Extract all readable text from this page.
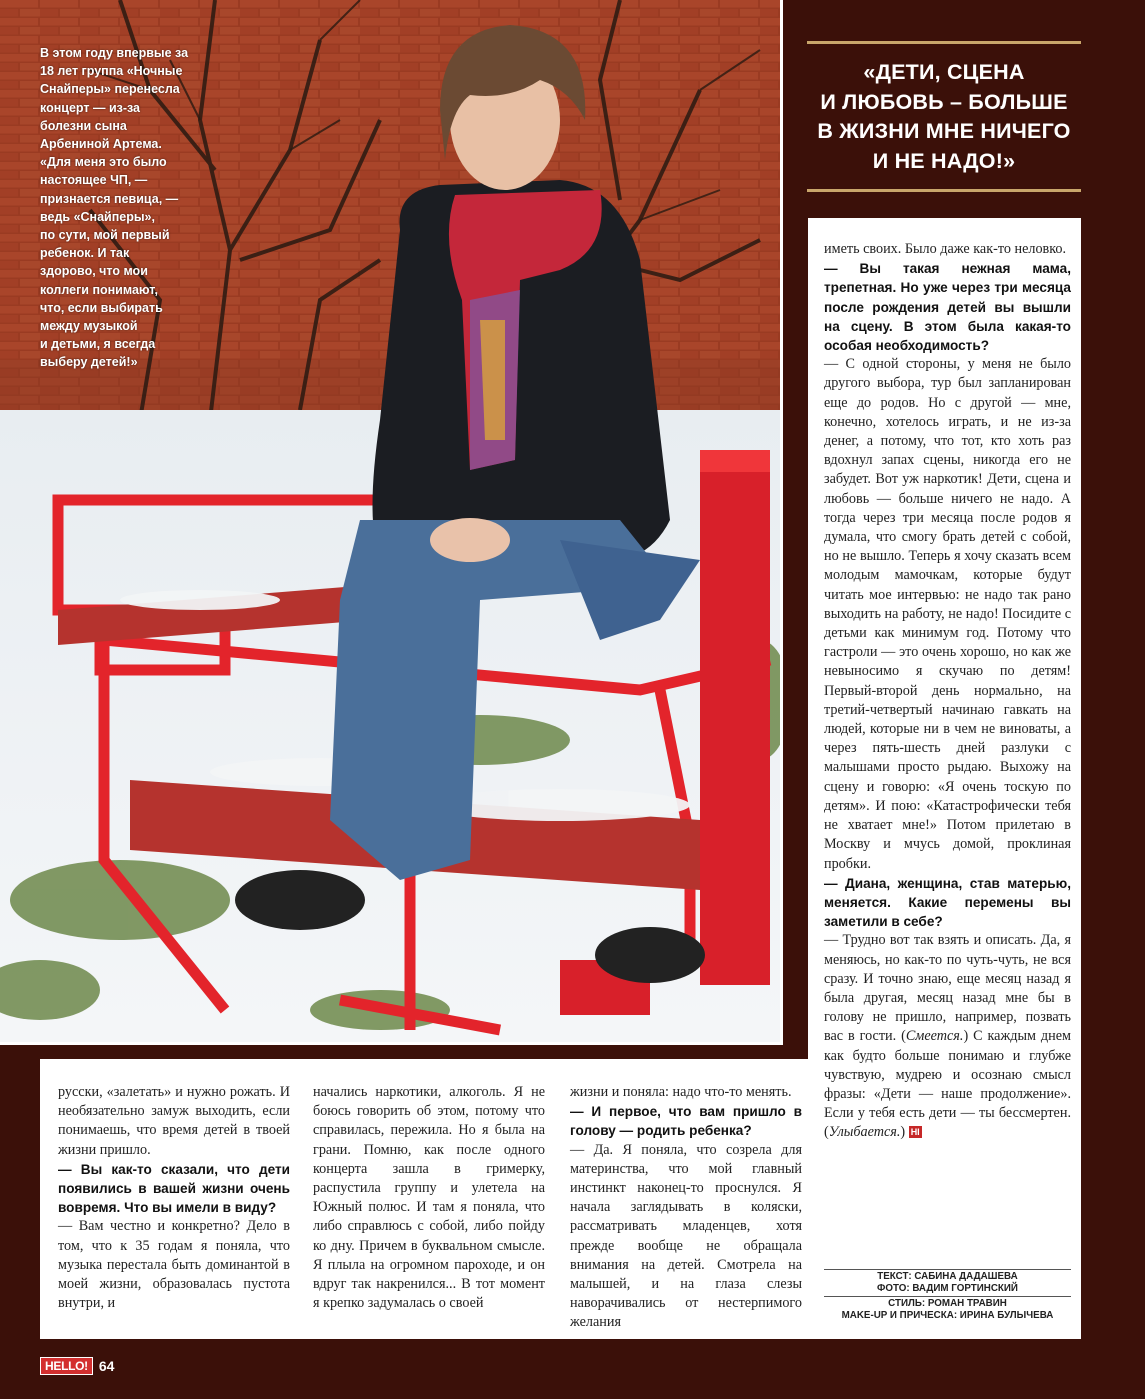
В этом году впервые за
18 лет группа «Ночные
Снайперы» перенесла
концерт — из-за
болезни сына
Арбениной Артема.
«Для меня это было
настоящее ЧП, —
признается певица, —
ведь «Снайперы»,
по сути, мой первый
ребенок. И так
здорово, что мои
коллеги понимают,
что, если выбирать
между музыкой
и детьми, я всегда
выберу детей!»
«ДЕТИ, СЦЕНА
И ЛЮБОВЬ – БОЛЬШЕ
В ЖИЗНИ МНЕ НИЧЕГО
И НЕ НАДО!»

иметь своих. Было даже как-то неловко.

— Вы такая нежная мама, трепетная. Но уже через три месяца после рождения детей вы вышли на сцену. В этом была какая-то особая необходимость?

— С одной стороны, у меня не было другого выбора, тур был запланирован еще до родов. Но с другой — мне, конечно, хотелось играть, и не из-за денег, а потому, что тот, кто хоть раз вдохнул запах сцены, никогда его не забудет. Вот уж наркотик! Дети, сцена и любовь — больше ничего не надо. А тогда через три месяца после родов я думала, что смогу брать детей с собой, но не вышло. Теперь я хочу сказать всем молодым мамочкам, которые будут читать мое интервью: не надо так рано выходить на работу, не надо! Посидите с детьми как минимум год. Потому что гастроли — это очень хорошо, но как же невыносимо я скучаю по детям! Первый-второй день нормально, на третий-четвертый начинаю гавкать на людей, которые ни в чем не виноваты, а через пять-шесть дней разлуки с малышами просто рыдаю. Выхожу на сцену и говорю: «Я очень тоскую по детям». И пою: «Катастрофически тебя не хватает мне!» Потом прилетаю в Москву и мчусь домой, проклиная пробки.

— Диана, женщина, став матерью, меняется. Какие перемены вы заметили в себе?

— Трудно вот так взять и описать. Да, я меняюсь, но как-то по чуть-чуть, не вся сразу. И точно знаю, еще месяц назад я была другая, месяц назад мне бы в голову не пришло, например, позвать вас в гости. (Смеется.) С каждым днем как будто больше понимаю и глубже чувствую, мудрею и осознаю смысл фразы: «Дети — наше продолжение». Если у тебя есть дети — ты бессмертен. (Улыбается.) HI

ТЕКСТ: САБИНА ДАДАШЕВА
ФОТО: ВАДИМ ГОРТИНСКИЙ
СТИЛЬ: РОМАН ТРАВИН
MAKE-UP И ПРИЧЕСКА: ИРИНА БУЛЫЧЕВА

русски, «залетать» и нужно рожать. И необязательно замуж выходить, если понимаешь, что время детей в твоей жизни пришло.

— Вы как-то сказали, что дети появились в вашей жизни очень вовремя. Что вы имели в виду?

— Вам честно и конкретно? Дело в том, что к 35 годам я поняла, что музыка перестала быть доминантой в моей жизни, образовалась пустота внутри, и

начались наркотики, алкоголь. Я не боюсь говорить об этом, потому что справилась, пережила. Но я была на грани. Помню, как после одного концерта зашла в гримерку, распустила группу и улетела на Южный полюс. И там я поняла, что либо справлюсь с собой, либо пойду ко дну. Причем в буквальном смысле. Я плыла на огромном пароходе, и он вдруг так накренился... В тот момент я крепко задумалась о своей

жизни и поняла: надо что-то менять.

— И первое, что вам пришло в голову — родить ребенка?

— Да. Я поняла, что созрела для материнства, что мой главный инстинкт наконец-то проснулся. Я начала заглядывать в коляски, рассматривать младенцев, хотя прежде вообще не обращала внимания на детей. Смотрела на малышей, и на глаза слезы наворачивались от нестерпимого желания

HELLO! 64
